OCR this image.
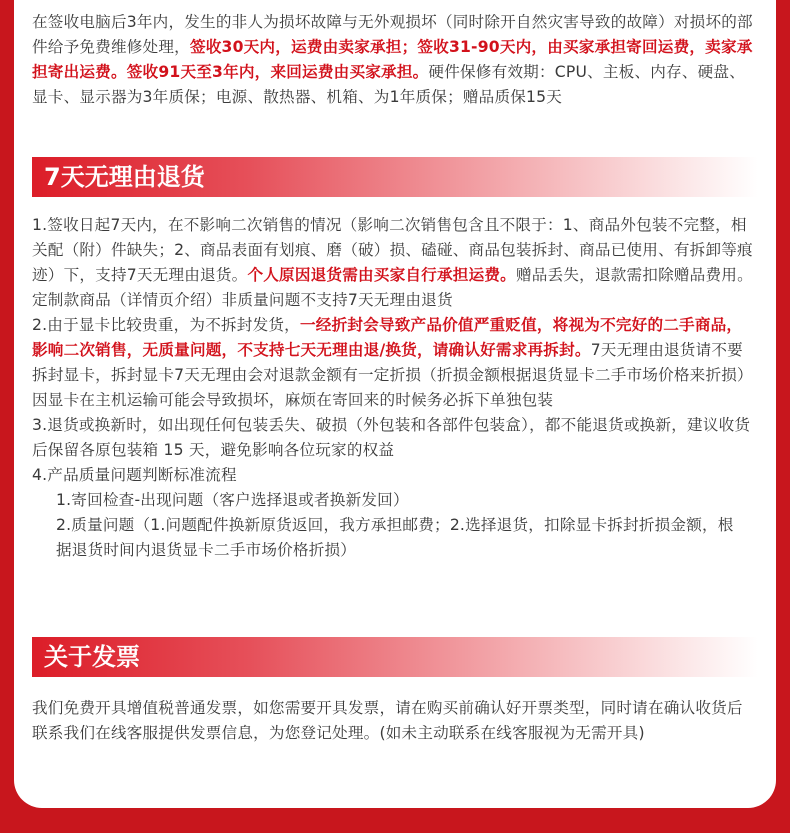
在签收电脑后3年内，发生的非人为损坏故障与无外观损坏（同时除开自然灾害导致的故障）对损坏的部件给予免费维修处理，签收30天内，运费由卖家承担；签收31-90天内，由买家承担寄回运费，卖家承担寄出运费。签收91天至3年内，来回运费由买家承担。硬件保修有效期：CPU、主板、内存、硬盘、显卡、显示器为3年质保；电源、散热器、机箱、为1年质保；赠品质保15天

7天无理由退货
1.签收日起7天内，在不影响二次销售的情况（影响二次销售包含且不限于：1、商品外包装不完整，相关配（附）件缺失；2、商品表面有划痕、磨（破）损、磕碰、商品包装拆封、商品已使用、有拆卸等痕迹）下，支持7天无理由退货。个人原因退货需由买家自行承担运费。赠品丢失，退款需扣除赠品费用。定制款商品（详情页介绍）非质量问题不支持7天无理由退货
2.由于显卡比较贵重，为不拆封发货，一经折封会导致产品价值严重贬值，将视为不完好的二手商品，影响二次销售，无质量问题，不支持七天无理由退/换货，请确认好需求再拆封。7天无理由退货请不要拆封显卡，拆封显卡7天无理由会对退款金额有一定折损（折损金额根据退货显卡二手市场价格来折损）因显卡在主机运输可能会导致损坏，麻烦在寄回来的时候务必拆下单独包装
3.退货或换新时，如出现任何包装丢失、破损（外包装和各部件包装盒），都不能退货或换新，建议收货后保留各原包装箱 15 天，避免影响各位玩家的权益
4.产品质量问题判断标准流程
1.寄回检查-出现问题（客户选择退或者换新发回）
2.质量问题（1.问题配件换新原货返回，我方承担邮费；2.选择退货，扣除显卡拆封折损金额，根据退货时间内退货显卡二手市场价格折损）
关于发票

我们免费开具增值税普通发票，如您需要开具发票，请在购买前确认好开票类型，同时请在确认收货后联系我们在线客服提供发票信息，为您登记处理。(如未主动联系在线客服视为无需开具)
